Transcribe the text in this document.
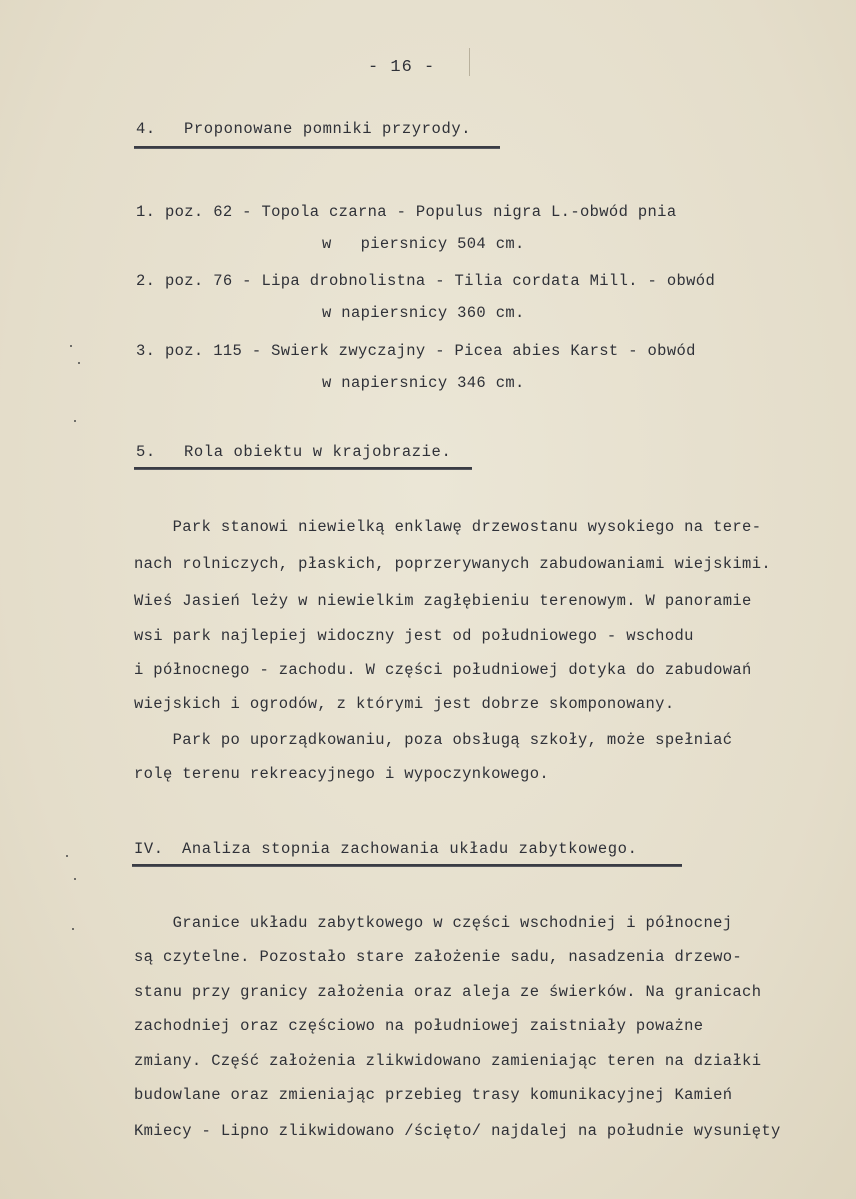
- 16 -
4. Proponowane pomniki przyrody.
1. poz. 62 - Topola czarna - Populus nigra L.-obwód pnia
w   piersnicy 504 cm.
2. poz. 76 - Lipa drobnolistna - Tilia cordata Mill. - obwód
w napiersnicy 360 cm.
3. poz. 115 - Swierk zwyczajny - Picea abies Karst - obwód
w napiersnicy 346 cm.
5. Rola obiektu w krajobrazie.
Park stanowi niewielką enklawę drzewostanu wysokiego na tere-
nach rolniczych, płaskich, poprzerywanych zabudowaniami wiejskimi.
Wieś Jasień leży w niewielkim zagłębieniu terenowym. W panoramie
wsi park najlepiej widoczny jest od południowego - wschodu
i północnego - zachodu. W części południowej dotyka do zabudowań
wiejskich i ogrodów, z którymi jest dobrze skomponowany.
Park po uporządkowaniu, poza obsługą szkoły, może spełniać
rolę terenu rekreacyjnego i wypoczynkowego.
IV. Analiza stopnia zachowania układu zabytkowego.
Granice układu zabytkowego w części wschodniej i północnej
są czytelne. Pozostało stare założenie sadu, nasadzenia drzewo-
stanu przy granicy założenia oraz aleja ze świerków. Na granicach
zachodniej oraz częściowo na południowej zaistniały poważne
zmiany. Część założenia zlikwidowano zamieniając teren na działki
budowlane oraz zmieniając przebieg trasy komunikacyjnej Kamień
Kmiecy - Lipno zlikwidowano /ścięto/ najdalej na południe wysunięty
